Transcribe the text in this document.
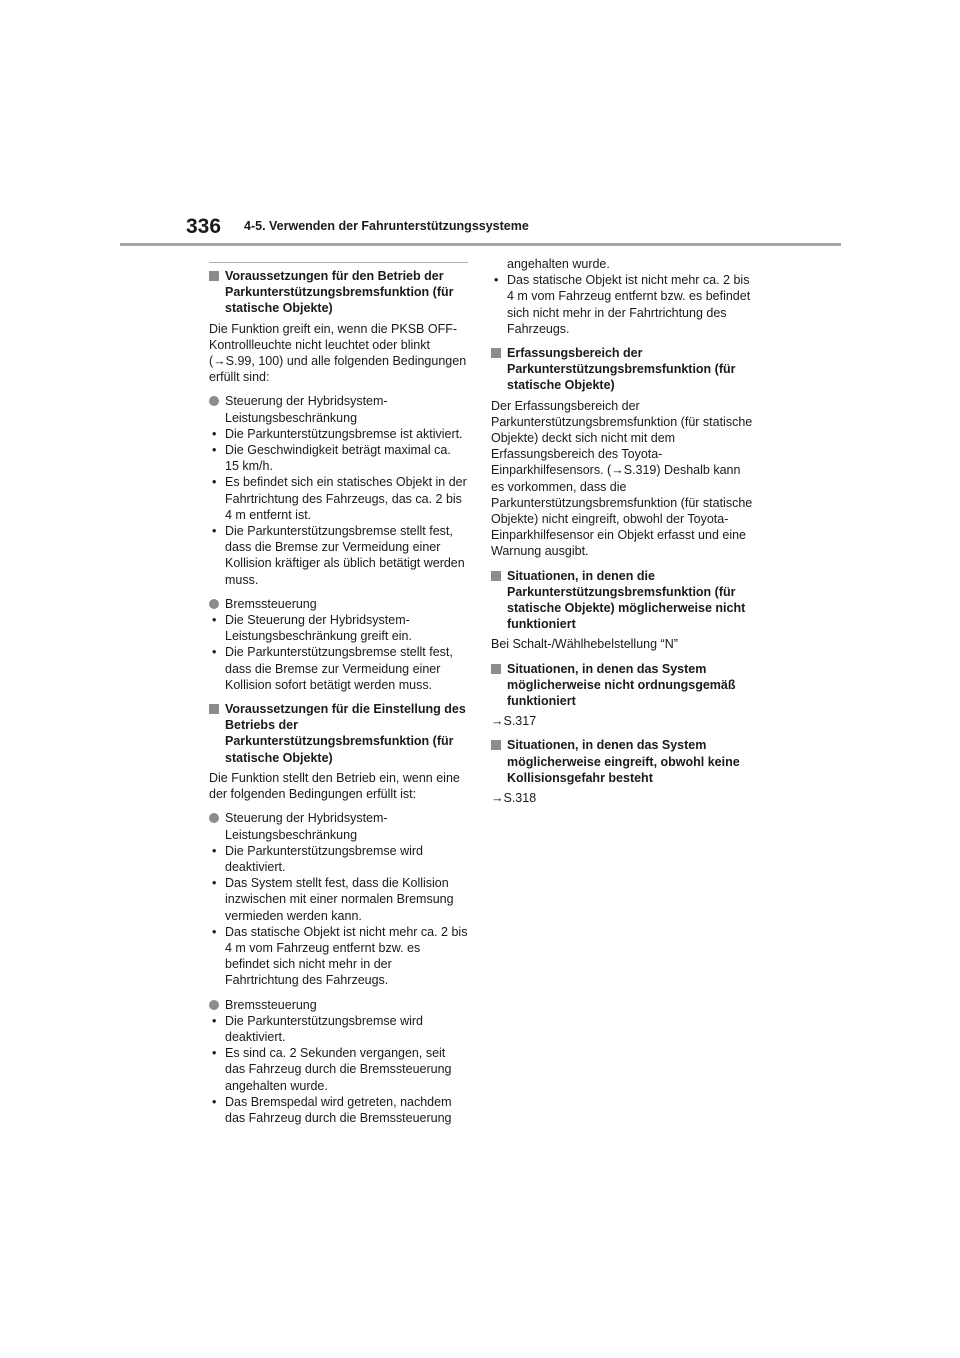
336 4-5. Verwenden der Fahrunterstützungssysteme
Voraussetzungen für den Betrieb der Parkunterstützungsbremsfunktion (für statische Objekte)
Die Funktion greift ein, wenn die PKSB OFF-Kontrollleuchte nicht leuchtet oder blinkt (→S.99, 100) und alle folgenden Bedingungen erfüllt sind:
Steuerung der Hybridsystem-Leistungsbeschränkung
• Die Parkunterstützungsbremse ist aktiviert.
• Die Geschwindigkeit beträgt maximal ca. 15 km/h.
• Es befindet sich ein statisches Objekt in der Fahrtrichtung des Fahrzeugs, das ca. 2 bis 4 m entfernt ist.
• Die Parkunterstützungsbremse stellt fest, dass die Bremse zur Vermeidung einer Kollision kräftiger als üblich betätigt werden muss.
Bremssteuerung
• Die Steuerung der Hybridsystem-Leistungsbeschränkung greift ein.
• Die Parkunterstützungsbremse stellt fest, dass die Bremse zur Vermeidung einer Kollision sofort betätigt werden muss.
Voraussetzungen für die Einstellung des Betriebs der Parkunterstützungsbremsfunktion (für statische Objekte)
Die Funktion stellt den Betrieb ein, wenn eine der folgenden Bedingungen erfüllt ist:
Steuerung der Hybridsystem-Leistungsbeschränkung
• Die Parkunterstützungsbremse wird deaktiviert.
• Das System stellt fest, dass die Kollision inzwischen mit einer normalen Bremsung vermieden werden kann.
• Das statische Objekt ist nicht mehr ca. 2 bis 4 m vom Fahrzeug entfernt bzw. es befindet sich nicht mehr in der Fahrtrichtung des Fahrzeugs.
Bremssteuerung
• Die Parkunterstützungsbremse wird deaktiviert.
• Es sind ca. 2 Sekunden vergangen, seit das Fahrzeug durch die Bremssteuerung angehalten wurde.
• Das Bremspedal wird getreten, nachdem das Fahrzeug durch die Bremssteuerung
angehalten wurde.
• Das statische Objekt ist nicht mehr ca. 2 bis 4 m vom Fahrzeug entfernt bzw. es befindet sich nicht mehr in der Fahrtrichtung des Fahrzeugs.
Erfassungsbereich der Parkunterstützungsbremsfunktion (für statische Objekte)
Der Erfassungsbereich der Parkunterstützungsbremsfunktion (für statische Objekte) deckt sich nicht mit dem Erfassungsbereich des Toyota-Einparkhilfesensors. (→S.319) Deshalb kann es vorkommen, dass die Parkunterstützungsbremsfunktion (für statische Objekte) nicht eingreift, obwohl der Toyota-Einparkhilfesensor ein Objekt erfasst und eine Warnung ausgibt.
Situationen, in denen die Parkunterstützungsbremsfunktion (für statische Objekte) möglicherweise nicht funktioniert
Bei Schalt-/Wählhebelstellung “N”
Situationen, in denen das System möglicherweise nicht ordnungsgemäß funktioniert
→S.317
Situationen, in denen das System möglicherweise eingreift, obwohl keine Kollisionsgefahr besteht
→S.318
